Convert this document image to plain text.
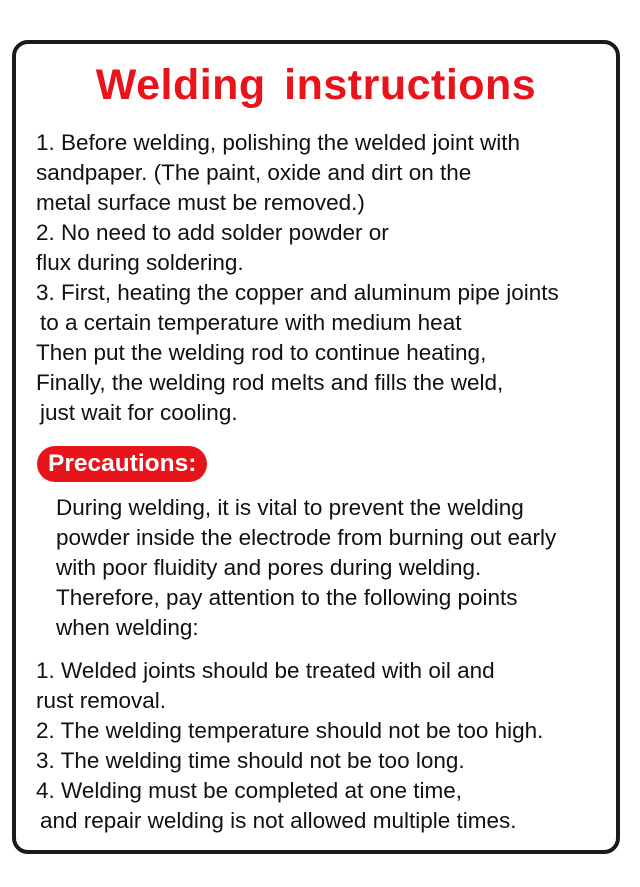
Welding instructions
1. Before welding, polishing the welded joint with
sandpaper. (The paint, oxide and dirt on the
metal surface must be removed.)
2. No need to add solder powder or
flux during soldering.
3. First, heating the copper and aluminum pipe joints
to a certain temperature with medium heat
Then put the welding rod to continue heating,
Finally, the welding rod melts and fills the weld,
just wait for cooling.
Precautions:
During welding, it is vital to prevent the welding
powder inside the electrode from burning out early
with poor fluidity and pores during welding.
Therefore, pay attention to the following points
when welding:
1. Welded joints should be treated with oil and
rust removal.
2. The welding temperature should not be too high.
3. The welding time should not be too long.
4. Welding must be completed at one time,
and repair welding is not allowed multiple times.
